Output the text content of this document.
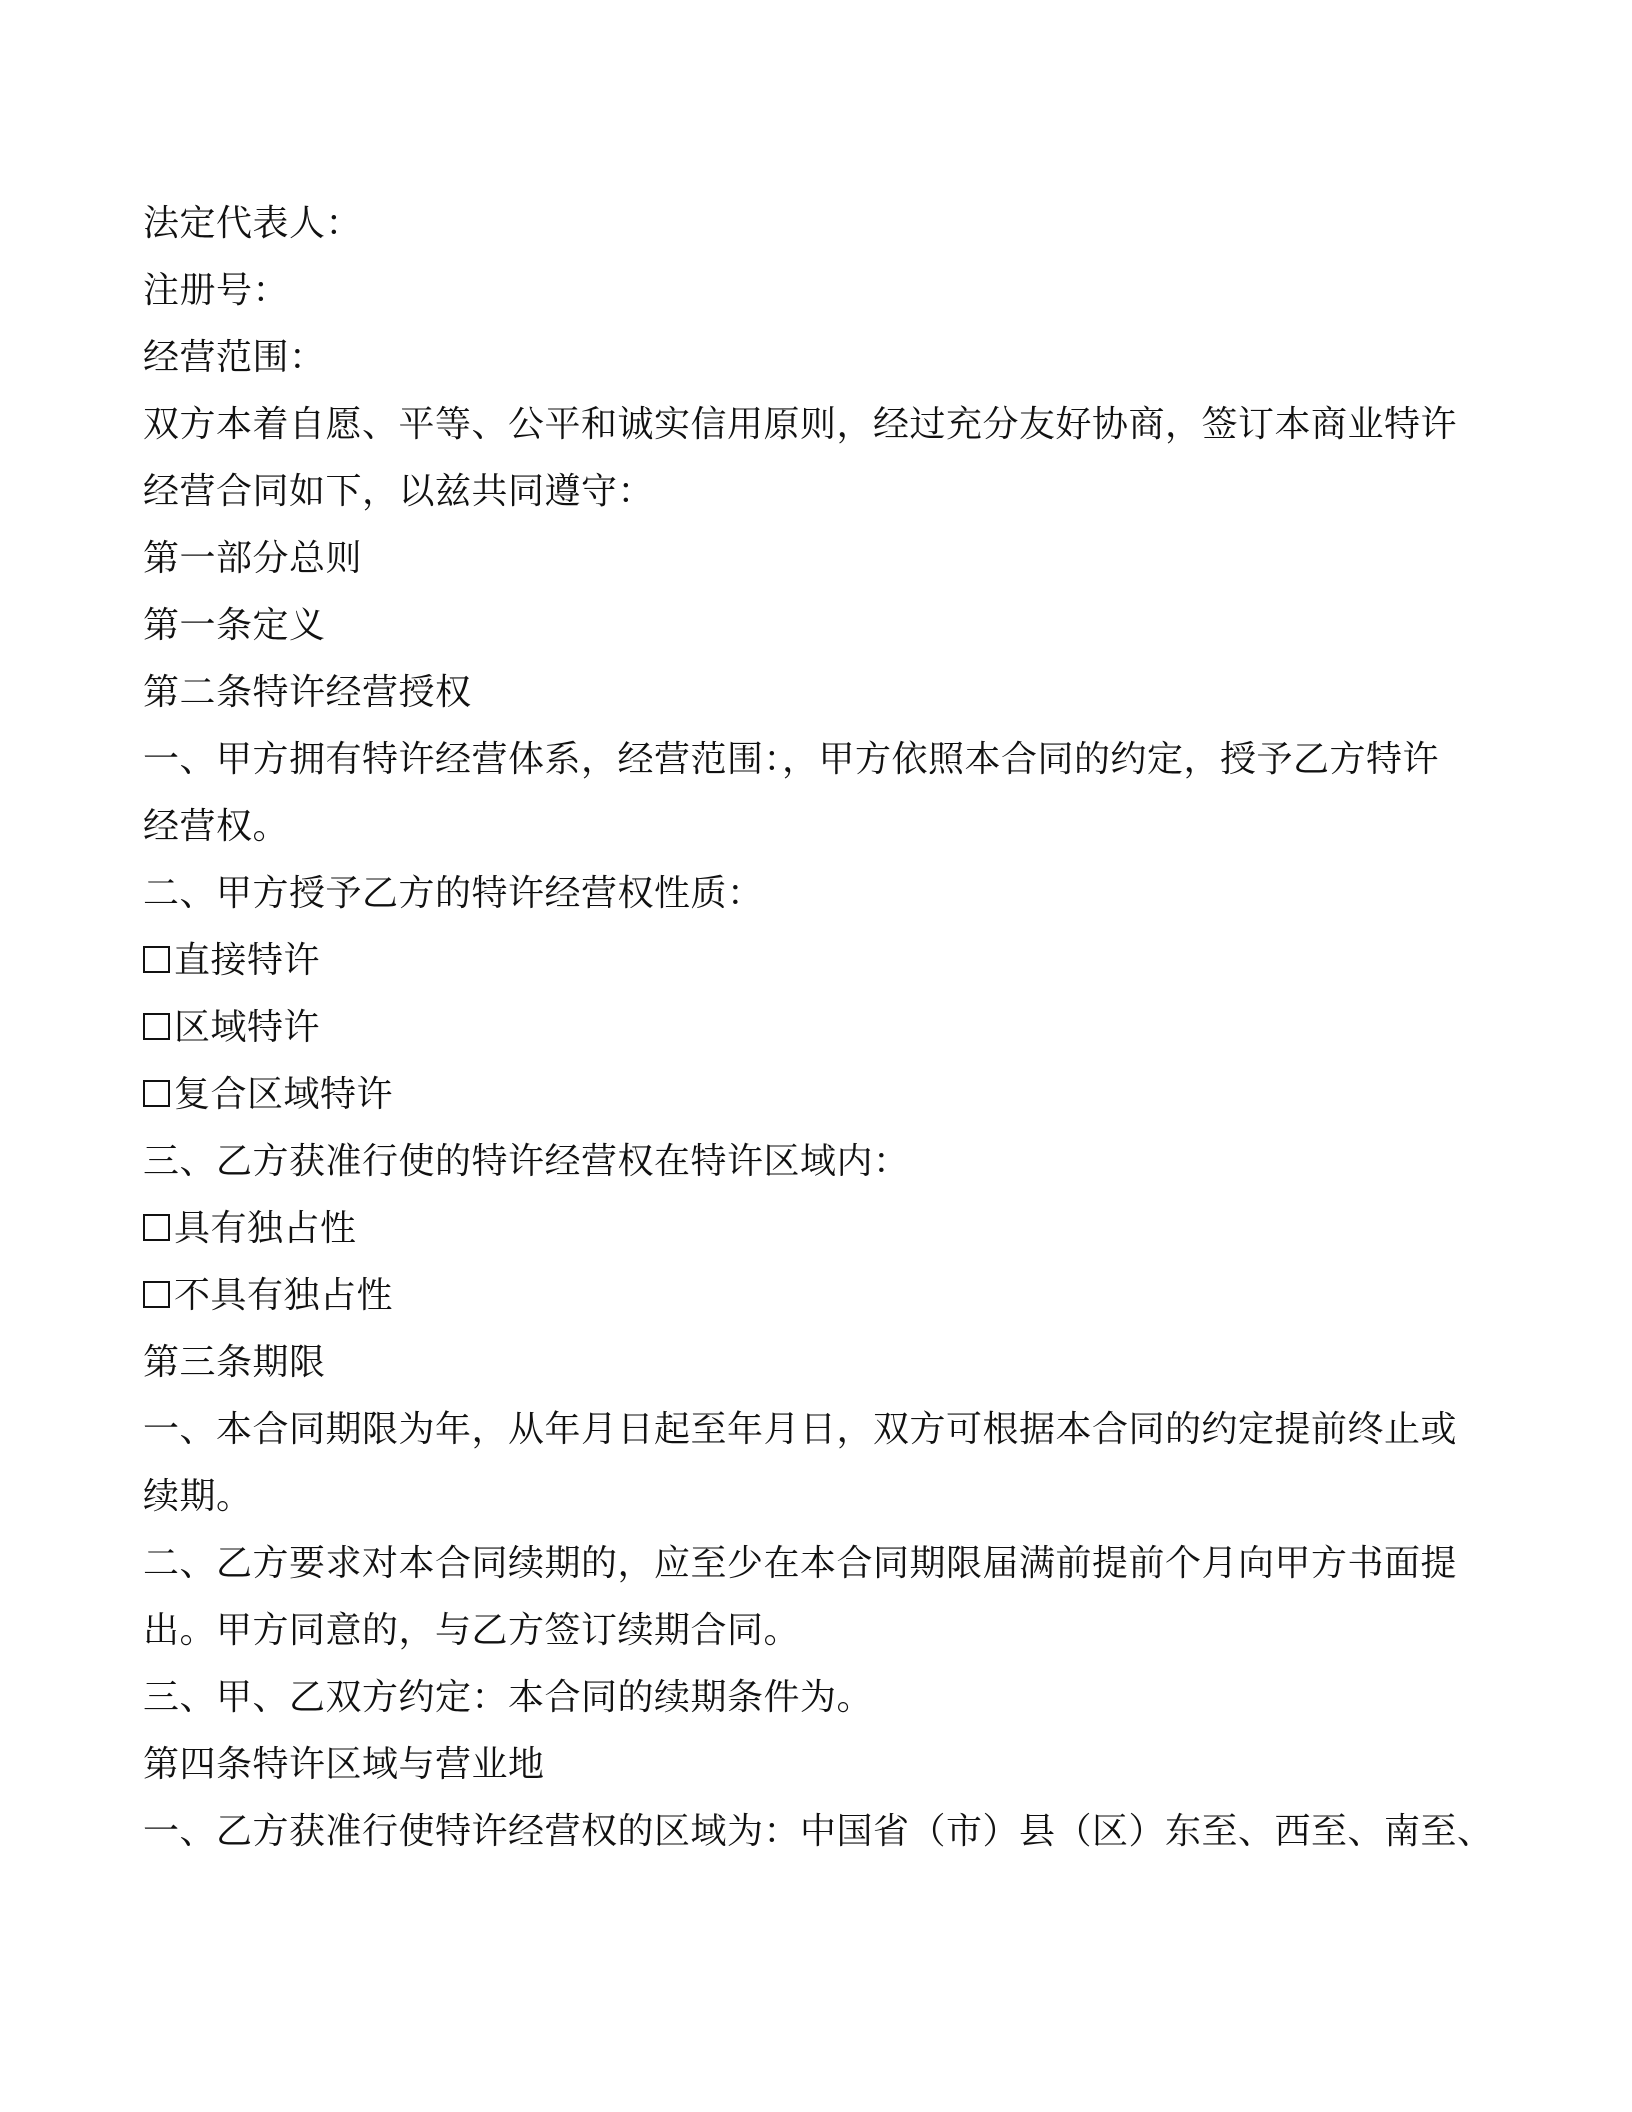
法定代表人：
注册号：
经营范围：
双方本着自愿、平等、公平和诚实信用原则，经过充分友好协商，签订本商业特许
经营合同如下，以兹共同遵守：
第一部分总则
第一条定义
第二条特许经营授权
一、甲方拥有特许经营体系，经营范围：，甲方依照本合同的约定，授予乙方特许
经营权。
二、甲方授予乙方的特许经营权性质：
直接特许
区域特许
复合区域特许
三、乙方获准行使的特许经营权在特许区域内：
具有独占性
不具有独占性
第三条期限
一、本合同期限为年，从年月日起至年月日，双方可根据本合同的约定提前终止或
续期。
二、乙方要求对本合同续期的，应至少在本合同期限届满前提前个月向甲方书面提
出。甲方同意的，与乙方签订续期合同。
三、甲、乙双方约定：本合同的续期条件为。
第四条特许区域与营业地
一、乙方获准行使特许经营权的区域为：中国省（市）县（区）东至、西至、南至、
